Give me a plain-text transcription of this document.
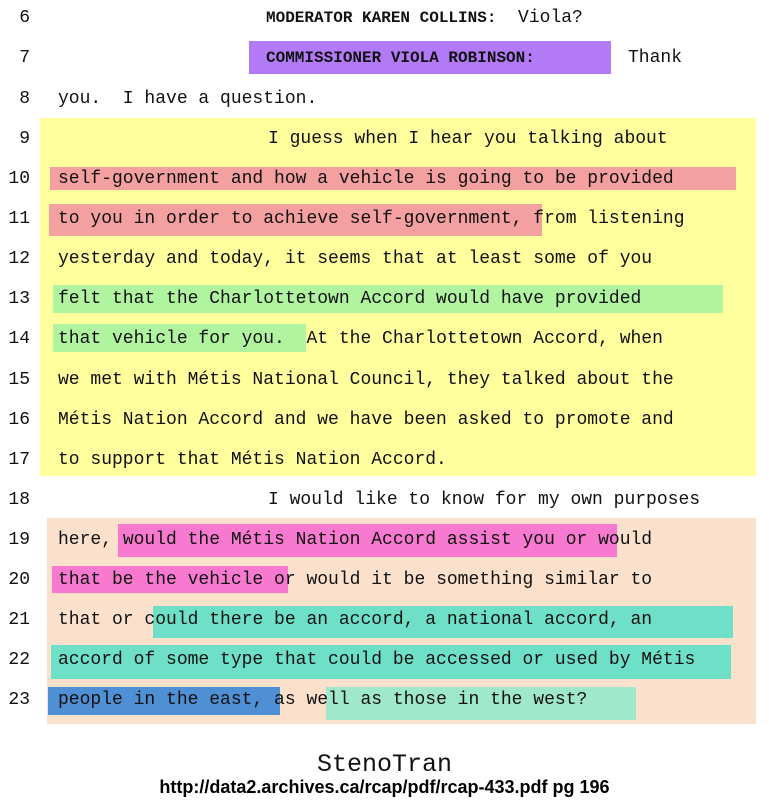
6
7
8
9
10
11
12
13
14
15
16
17
18
19
20
21
22
23
MODERATOR KAREN COLLINS:  Viola?
COMMISSIONER VIOLA ROBINSON:	Thank
you.  I have a question.
I guess when I hear you talking about
self-government and how a vehicle is going to be provided
to you in order to achieve self-government, from listening
yesterday and today, it seems that at least some of you
felt that the Charlottetown Accord would have provided
that vehicle for you.  At the Charlottetown Accord, when
we met with Métis National Council, they talked about the
Métis Nation Accord and we have been asked to promote and
to support that Métis Nation Accord.
I would like to know for my own purposes
here, would the Métis Nation Accord assist you or would
that be the vehicle or would it be something similar to
that or could there be an accord, a national accord, an
accord of some type that could be accessed or used by Métis
people in the east, as well as those in the west?
StenoTran
http://data2.archives.ca/rcap/pdf/rcap-433.pdf pg 196
